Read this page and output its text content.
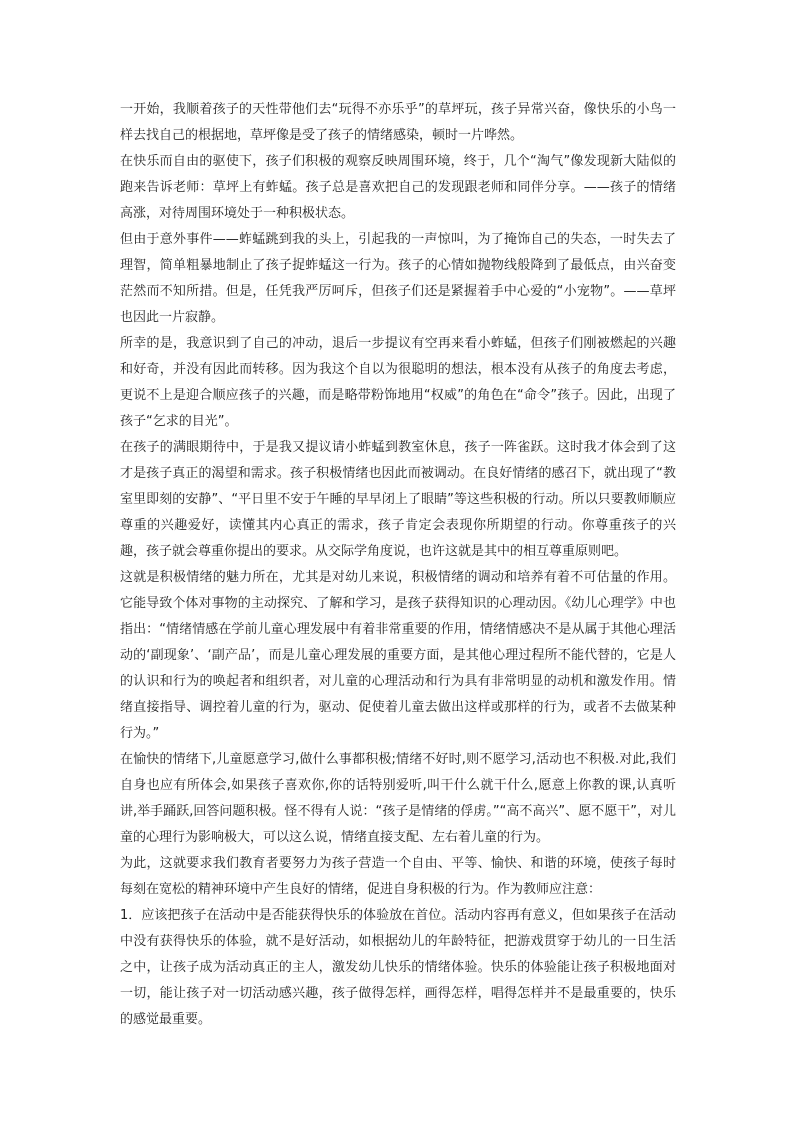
一开始，我顺着孩子的天性带他们去“玩得不亦乐乎”的草坪玩，孩子异常兴奋，像快乐的小鸟一样去找自己的根据地，草坪像是受了孩子的情绪感染，顿时一片哗然。

在快乐而自由的驱使下，孩子们积极的观察反映周围环境，终于，几个“淘气”像发现新大陆似的跑来告诉老师：草坪上有蚱蜢。孩子总是喜欢把自己的发现跟老师和同伴分享。——孩子的情绪高涨，对待周围环境处于一种积极状态。

但由于意外事件——蚱蜢跳到我的头上，引起我的一声惊叫，为了掩饰自己的失态，一时失去了理智，简单粗暴地制止了孩子捉蚱蜢这一行为。孩子的心情如抛物线般降到了最低点，由兴奋变茫然而不知所措。但是，任凭我严厉呵斥，但孩子们还是紧握着手中心爱的“小宠物”。——草坪也因此一片寂静。

所幸的是，我意识到了自己的冲动，退后一步提议有空再来看小蚱蜢，但孩子们刚被燃起的兴趣和好奇，并没有因此而转移。因为我这个自以为很聪明的想法，根本没有从孩子的角度去考虑，更说不上是迎合顺应孩子的兴趣，而是略带粉饰地用“权威”的角色在“命令”孩子。因此，出现了孩子“乞求的目光”。

在孩子的满眼期待中，于是我又提议请小蚱蜢到教室休息，孩子一阵雀跃。这时我才体会到了这才是孩子真正的渴望和需求。孩子积极情绪也因此而被调动。在良好情绪的感召下，就出现了“教室里即刻的安静”、“平日里不安于午睡的早早闭上了眼睛”等这些积极的行动。所以只要教师顺应尊重的兴趣爱好，读懂其内心真正的需求，孩子肯定会表现你所期望的行动。你尊重孩子的兴趣，孩子就会尊重你提出的要求。从交际学角度说，也许这就是其中的相互尊重原则吧。

这就是积极情绪的魅力所在，尤其是对幼儿来说，积极情绪的调动和培养有着不可估量的作用。它能导致个体对事物的主动探究、了解和学习，是孩子获得知识的心理动因。《幼儿心理学》中也指出：“情绪情感在学前儿童心理发展中有着非常重要的作用，情绪情感决不是从属于其他心理活动的‘副现象’、‘副产品’，而是儿童心理发展的重要方面，是其他心理过程所不能代替的，它是人的认识和行为的唤起者和组织者，对儿童的心理活动和行为具有非常明显的动机和激发作用。情绪直接指导、调控着儿童的行为，驱动、促使着儿童去做出这样或那样的行为，或者不去做某种行为。”

在愉快的情绪下,儿童愿意学习,做什么事都积极;情绪不好时,则不愿学习,活动也不积极.对此,我们自身也应有所体会,如果孩子喜欢你,你的话特别爱听,叫干什么就干什么,愿意上你教的课,认真听讲,举手踊跃,回答问题积极。怪不得有人说：“孩子是情绪的俘虏。”“高不高兴”、愿不愿干”，对儿童的心理行为影响极大，可以这么说，情绪直接支配、左右着儿童的行为。

为此，这就要求我们教育者要努力为孩子营造一个自由、平等、愉快、和谐的环境，使孩子每时每刻在宽松的精神环境中产生良好的情绪，促进自身积极的行为。作为教师应注意：

1．应该把孩子在活动中是否能获得快乐的体验放在首位。活动内容再有意义，但如果孩子在活动中没有获得快乐的体验，就不是好活动，如根据幼儿的年龄特征，把游戏贯穿于幼儿的一日生活之中，让孩子成为活动真正的主人，激发幼儿快乐的情绪体验。快乐的体验能让孩子积极地面对一切，能让孩子对一切活动感兴趣，孩子做得怎样，画得怎样，唱得怎样并不是最重要的，快乐的感觉最重要。
